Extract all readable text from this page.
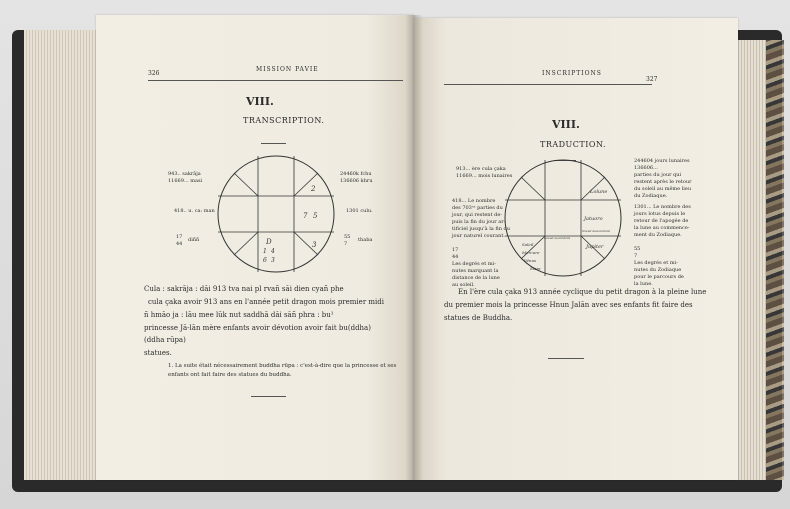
326
MISSION PAVIE
VIII.
TRANSCRIPTION.
943.. sakrāja
11669... masi
24460k fchu
136606 khru
418.. u. ca: man	1301 culu.
17
44
diññ	55
7
thaba
2
7 5
3
D
1 4
6 3
Cula : sakrāja : dăi 913 tva nai pl rvañ săi dien cyañ phe
cula çaka avoir 913 ans en l'année petit dragon mois premier midi
ñ hmāo ja : lāu mee lūk nut saddhā dăi săñ phra : bu¹
princesse Jă-lān mère enfants avoir dévotion avoir fait bu(ddha)
(ddha rūpa)
statues.
1. La suite était nécessairement buddha rūpa : c'est-à-dire que la princesse et ses
enfants ont fait faire des statues du buddha.
INSCRIPTIONS
327
VIII.
TRADUCTION.
913... ère cula çaka
11669... mois lunaires
418... Le nombre
des 703ᵉˢ parties du
jour, qui restent de-
puis la fin du jour ar-
tificiel jusqu'à la fin du
jour naturel courant.
17
44
Les degrés et mi-
nutes marquant la
distance de la lune
au soleil.
244604 jours lunaires
136606...
parties du jour qui
restent après le retour
du soleil au même lieu
du Zodiaque.
1301... Le nombre des
jours lotus depuis le
retour de l'apogée de
la lune au commence-
ment du Zodiaque.
55
7
Les degrés et mi-
nutes du Zodiaque
pour le parcours de
la lune.
Lolune
Jatuoro
Jupiter
Soleil
Mercure
Vénus
Mars
Nœud ascendant
Nœud descendant
En l'ère cula çaka 913 année cyclique du petit dragon à la pleine lune
du premier mois la princesse Hnun Jalān avec ses enfants fit faire des
statues de Buddha.
